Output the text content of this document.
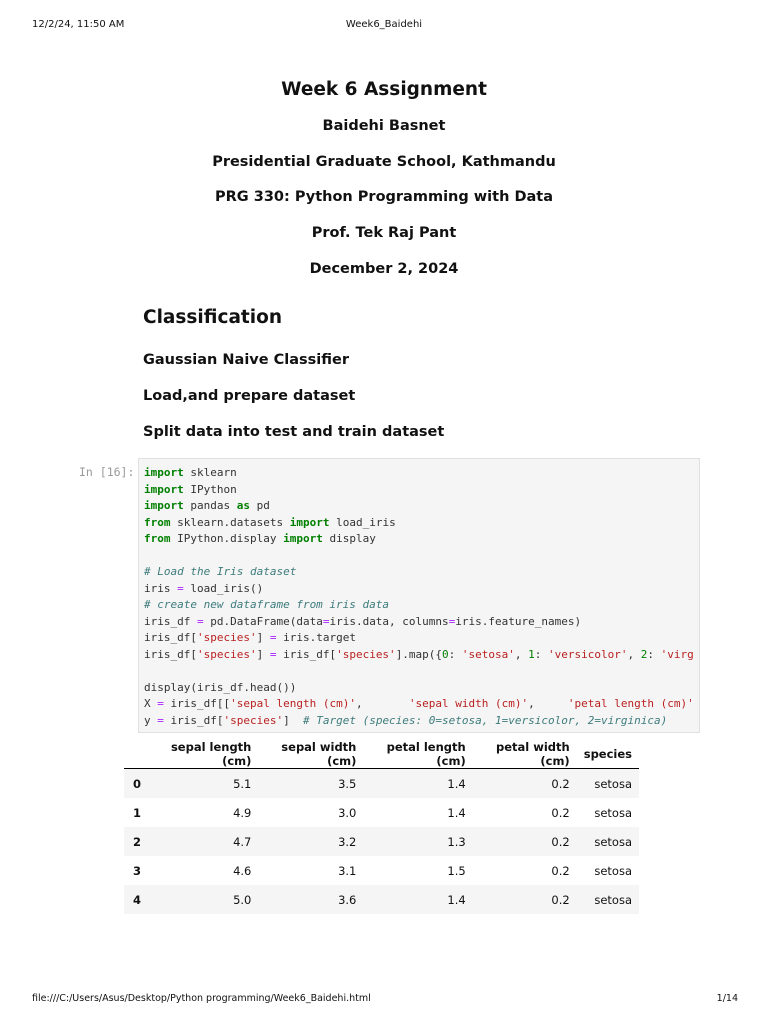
12/2/24, 11:50 AM	Week6_Baidehi
Week 6 Assignment
Baidehi Basnet
Presidential Graduate School, Kathmandu
PRG 330: Python Programming with Data
Prof. Tek Raj Pant
December 2, 2024
Classification
Gaussian Naive Classifier
Load,and prepare dataset
Split data into test and train dataset
In [16]: import sklearn
import IPython
import pandas as pd
from sklearn.datasets import load_iris
from IPython.display import display
# Load the Iris dataset
iris = load_iris()
# create new dataframe from iris data
iris_df = pd.DataFrame(data=iris.data, columns=iris.feature_names)
iris_df['species'] = iris.target
iris_df['species'] = iris_df['species'].map({0: 'setosa', 1: 'versicolor', 2: 'virg
display(iris_df.head())
X = iris_df[['sepal length (cm)',       'sepal width (cm)',     'petal length (cm)'
y = iris_df['species']  # Target (species: 0=setosa, 1=versicolor, 2=virginica)
	sepal length (cm)	sepal width (cm)	petal length (cm)	petal width (cm)	species
0	5.1	3.5	1.4	0.2	setosa
1	4.9	3.0	1.4	0.2	setosa
2	4.7	3.2	1.3	0.2	setosa
3	4.6	3.1	1.5	0.2	setosa
4	5.0	3.6	1.4	0.2	setosa
file:///C:/Users/Asus/Desktop/Python programming/Week6_Baidehi.html	1/14
